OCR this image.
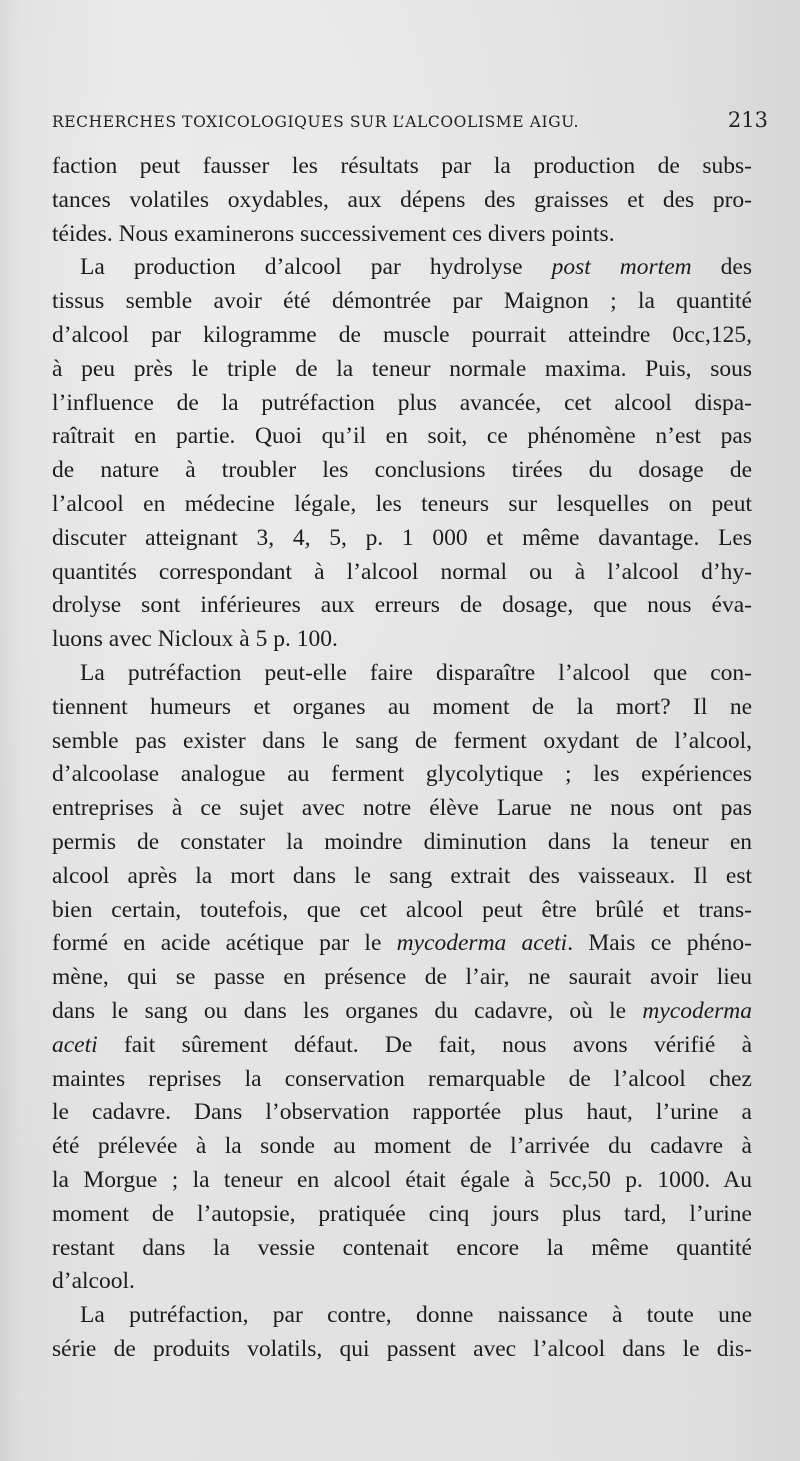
RECHERCHES TOXICOLOGIQUES SUR L’ALCOOLISME AIGU.	213
faction peut fausser les résultats par la production de subs-
tances volatiles oxydables, aux dépens des graisses et des pro-
téides. Nous examinerons successivement ces divers points.
La production d’alcool par hydrolyse post mortem des
tissus semble avoir été démontrée par Maignon ; la quantité
d’alcool par kilogramme de muscle pourrait atteindre 0cc,125,
à peu près le triple de la teneur normale maxima. Puis, sous
l’influence de la putréfaction plus avancée, cet alcool dispa-
raîtrait en partie. Quoi qu’il en soit, ce phénomène n’est pas
de nature à troubler les conclusions tirées du dosage de
l’alcool en médecine légale, les teneurs sur lesquelles on peut
discuter atteignant 3, 4, 5, p. 1 000 et même davantage. Les
quantités correspondant à l’alcool normal ou à l’alcool d’hy-
drolyse sont inférieures aux erreurs de dosage, que nous éva-
luons avec Nicloux à 5 p. 100.
La putréfaction peut-elle faire disparaître l’alcool que con-
tiennent humeurs et organes au moment de la mort? Il ne
semble pas exister dans le sang de ferment oxydant de l’alcool,
d’alcoolase analogue au ferment glycolytique ; les expériences
entreprises à ce sujet avec notre élève Larue ne nous ont pas
permis de constater la moindre diminution dans la teneur en
alcool après la mort dans le sang extrait des vaisseaux. Il est
bien certain, toutefois, que cet alcool peut être brûlé et trans-
formé en acide acétique par le mycoderma aceti. Mais ce phéno-
mène, qui se passe en présence de l’air, ne saurait avoir lieu
dans le sang ou dans les organes du cadavre, où le mycoderma
aceti fait sûrement défaut. De fait, nous avons vérifié à
maintes reprises la conservation remarquable de l’alcool chez
le cadavre. Dans l’observation rapportée plus haut, l’urine a
été prélevée à la sonde au moment de l’arrivée du cadavre à
la Morgue ; la teneur en alcool était égale à 5cc,50 p. 1000. Au
moment de l’autopsie, pratiquée cinq jours plus tard, l’urine
restant dans la vessie contenait encore la même quantité
d’alcool.
La putréfaction, par contre, donne naissance à toute une
série de produits volatils, qui passent avec l’alcool dans le dis-
